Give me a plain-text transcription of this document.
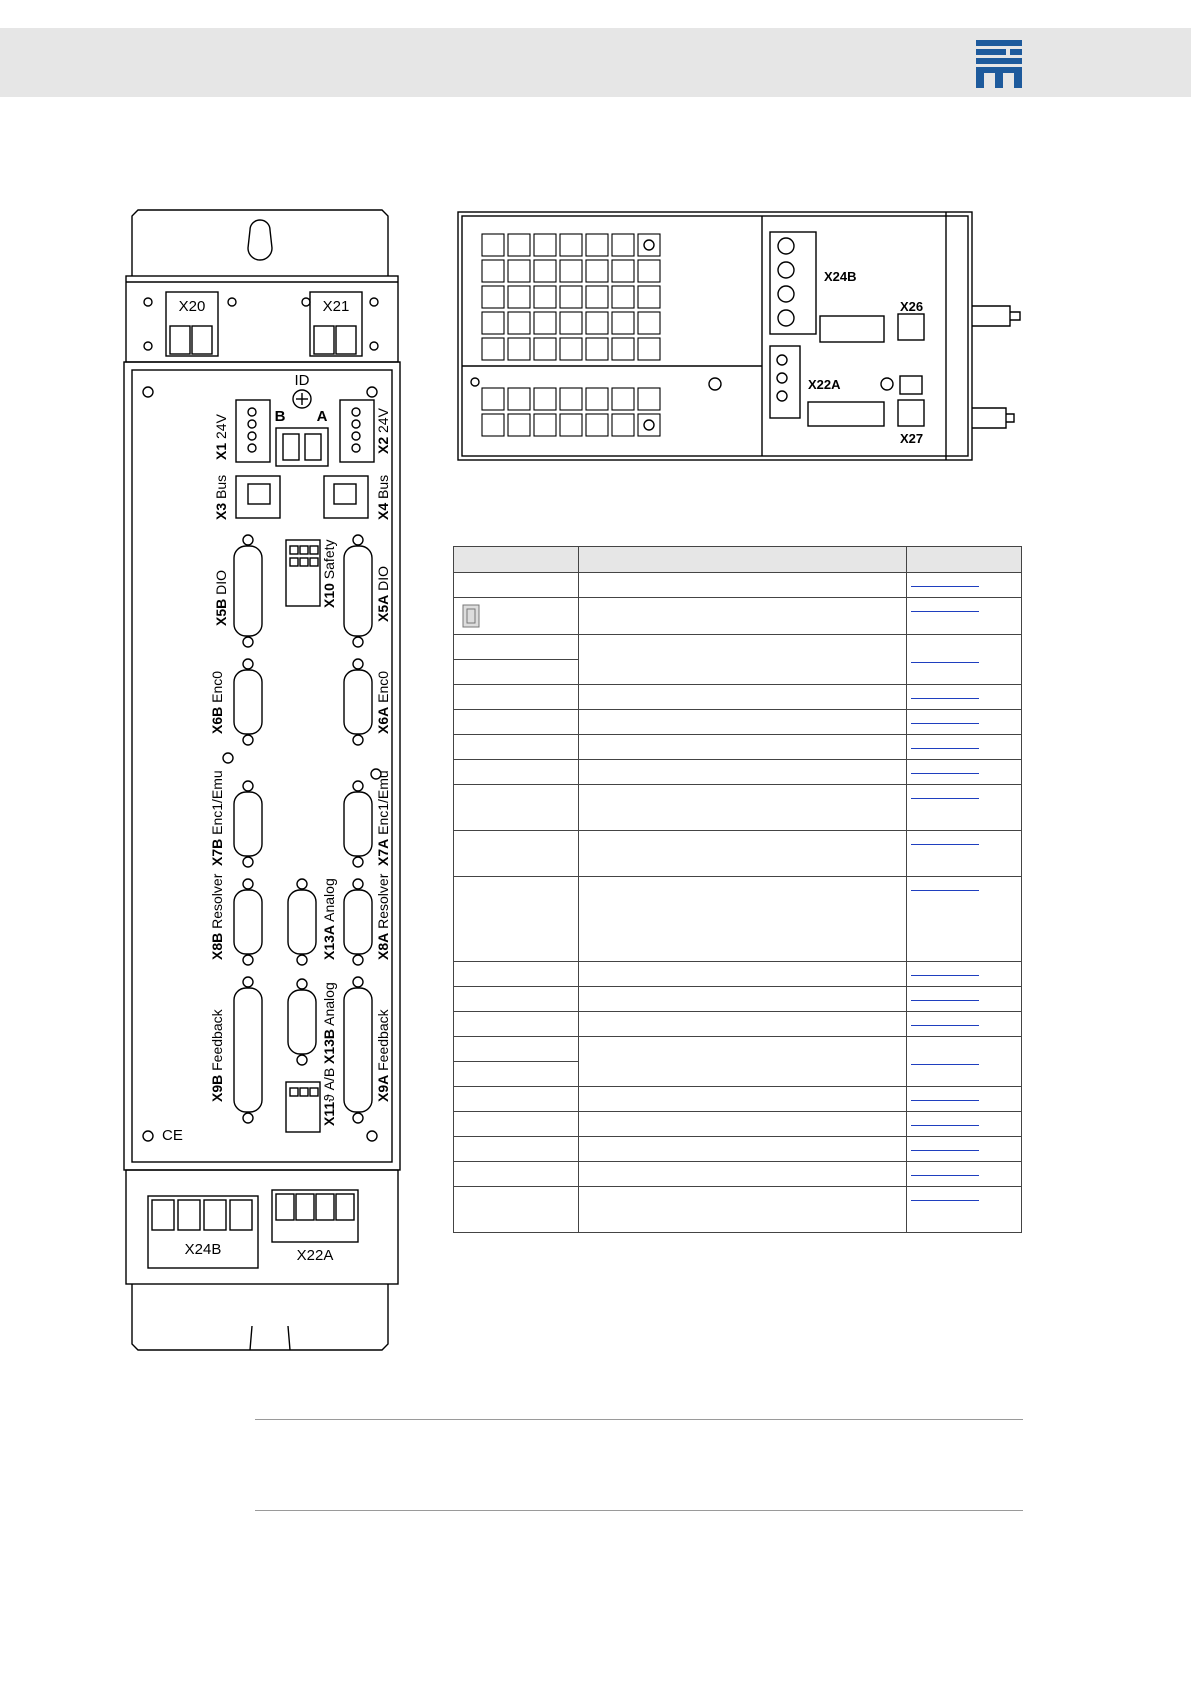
X20	X21
ID
B A
X1 24V
X3 Bus
X5B DIO
X6B Enc0
X7B Enc1/Emu
X8B Resolver
X9B Feedback
X2 24V
X4 Bus
X5A DIO
X6A Enc0
X7A Enc1/Emu
X8A Resolver
X9A Feedback
X10 Safety
X13A Analog
X13B Analog
X11ϑ A/B
CE
X24B	X22A
X24B
X26
X22A
X27
